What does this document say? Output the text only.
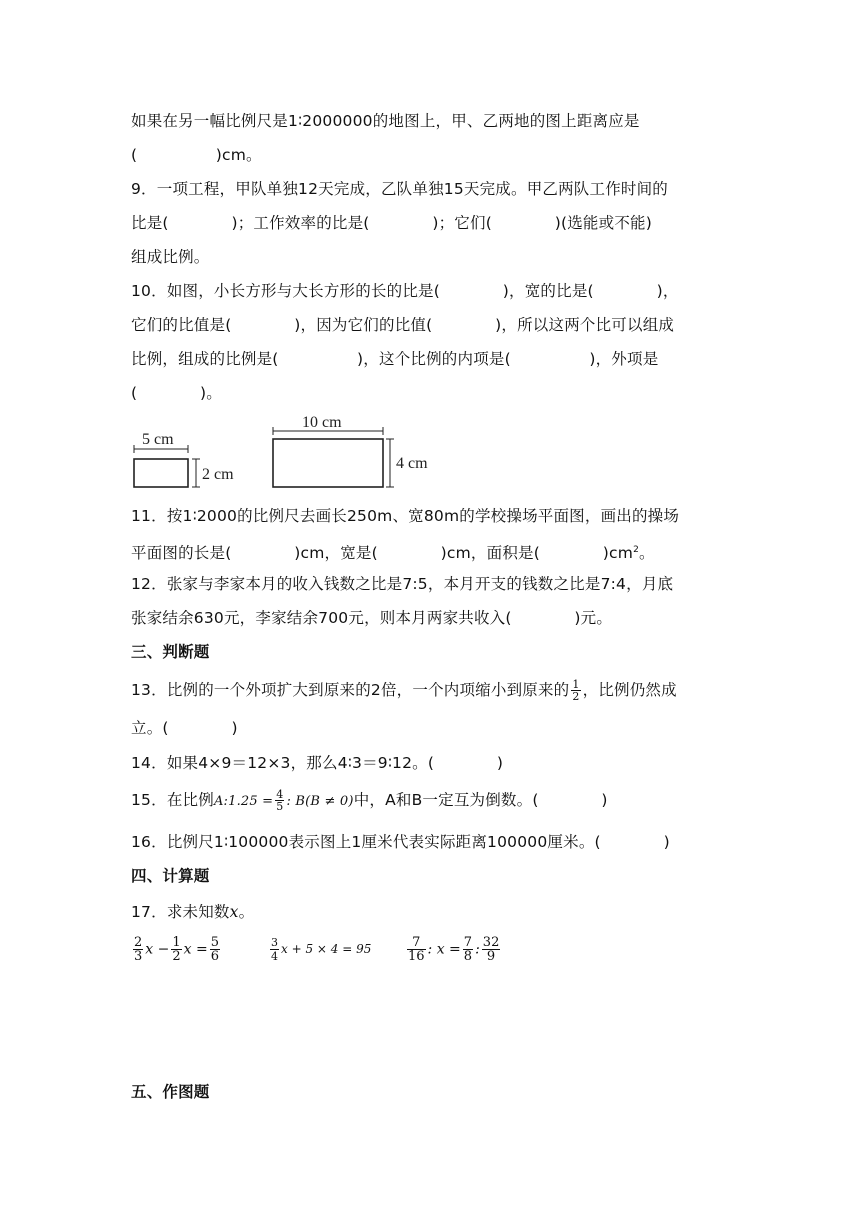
如果在另一幅比例尺是1∶2000000的地图上，甲、乙两地的图上距离应是
(　　　　　)cm。
9．一项工程，甲队单独12天完成，乙队单独15天完成。甲乙两队工作时间的
比是(　　　　)；工作效率的比是(　　　　)；它们(　　　　)(选能或不能)
组成比例。
10．如图，小长方形与大长方形的长的比是(　　　　)，宽的比是(　　　　)，
它们的比值是(　　　　)，因为它们的比值(　　　　)，所以这两个比可以组成
比例，组成的比例是(　　　　　)，这个比例的内项是(　　　　　)，外项是
(　　　　)。
5 cm
2 cm
10 cm
4 cm
11．按1∶2000的比例尺去画长250m、宽80m的学校操场平面图，画出的操场
平面图的长是(　　　　)cm，宽是(　　　　)cm，面积是(　　　　)$cm^2$。
12．张家与李家本月的收入钱数之比是7:5，本月开支的钱数之比是7:4，月底
张家结余630元，李家结余700元，则本月两家共收入(　　　　)元。
三、判断题
13．比例的一个外项扩大到原来的2倍，一个内项缩小到原来的 $\frac{1}{2}$ ，比例仍然成
立。(　　　　)
14．如果4×9＝12×3，那么4∶3＝9∶12。(　　　　)
15．在比例A:1.25 = $\frac{4}{5}$ : B(B ≠ 0)中，A和B一定互为倒数。(　　　　)
16．比例尺1∶100000表示图上1厘米代表实际距离100000厘米。(　　　　)
四、计算题
17．求未知数x。
$\frac{2}{3}$ $x - \frac{1}{2}$ $x = \frac{5}{6}$	$\frac{3}{4}$ x + 5 × 4 = 95	$\frac{7}{16}$ : $x = \frac{7}{8}$ : $\frac{32}{9}$
五、作图题
